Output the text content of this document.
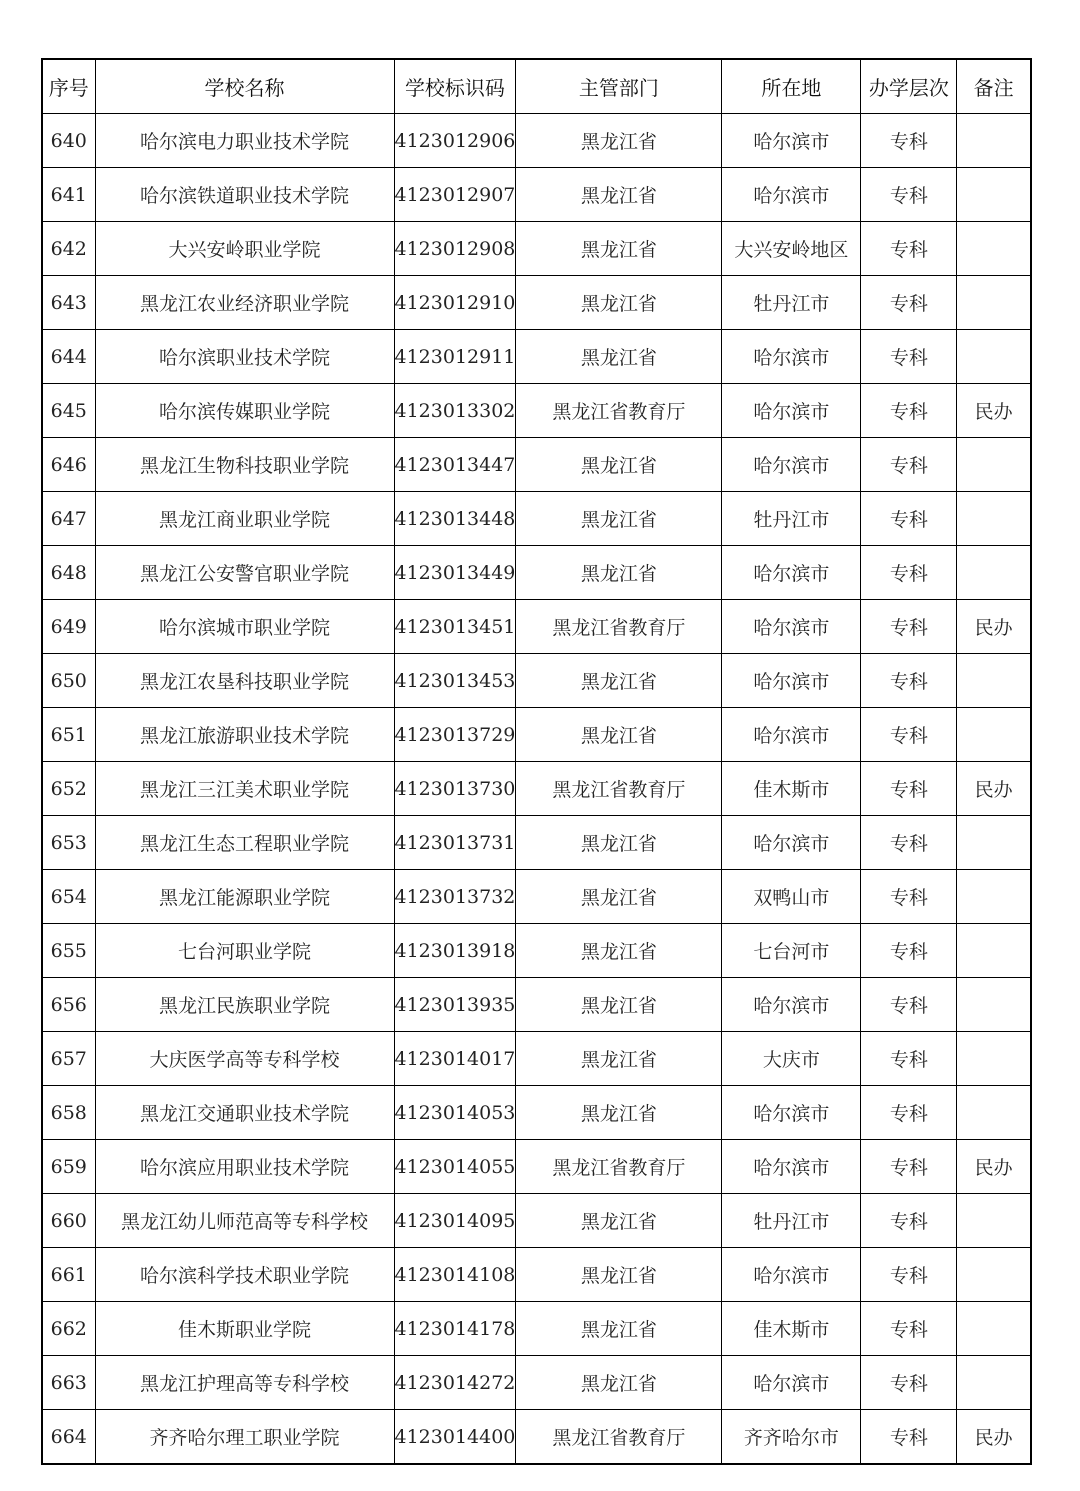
序号	学校名称	学校标识码	主管部门	所在地	办学层次	备注
640	哈尔滨电力职业技术学院	4123012906	黑龙江省	哈尔滨市	专科	
641	哈尔滨铁道职业技术学院	4123012907	黑龙江省	哈尔滨市	专科	
642	大兴安岭职业学院	4123012908	黑龙江省	大兴安岭地区	专科	
643	黑龙江农业经济职业学院	4123012910	黑龙江省	牡丹江市	专科	
644	哈尔滨职业技术学院	4123012911	黑龙江省	哈尔滨市	专科	
645	哈尔滨传媒职业学院	4123013302	黑龙江省教育厅	哈尔滨市	专科	民办
646	黑龙江生物科技职业学院	4123013447	黑龙江省	哈尔滨市	专科	
647	黑龙江商业职业学院	4123013448	黑龙江省	牡丹江市	专科	
648	黑龙江公安警官职业学院	4123013449	黑龙江省	哈尔滨市	专科	
649	哈尔滨城市职业学院	4123013451	黑龙江省教育厅	哈尔滨市	专科	民办
650	黑龙江农垦科技职业学院	4123013453	黑龙江省	哈尔滨市	专科	
651	黑龙江旅游职业技术学院	4123013729	黑龙江省	哈尔滨市	专科	
652	黑龙江三江美术职业学院	4123013730	黑龙江省教育厅	佳木斯市	专科	民办
653	黑龙江生态工程职业学院	4123013731	黑龙江省	哈尔滨市	专科	
654	黑龙江能源职业学院	4123013732	黑龙江省	双鸭山市	专科	
655	七台河职业学院	4123013918	黑龙江省	七台河市	专科	
656	黑龙江民族职业学院	4123013935	黑龙江省	哈尔滨市	专科	
657	大庆医学高等专科学校	4123014017	黑龙江省	大庆市	专科	
658	黑龙江交通职业技术学院	4123014053	黑龙江省	哈尔滨市	专科	
659	哈尔滨应用职业技术学院	4123014055	黑龙江省教育厅	哈尔滨市	专科	民办
660	黑龙江幼儿师范高等专科学校	4123014095	黑龙江省	牡丹江市	专科	
661	哈尔滨科学技术职业学院	4123014108	黑龙江省	哈尔滨市	专科	
662	佳木斯职业学院	4123014178	黑龙江省	佳木斯市	专科	
663	黑龙江护理高等专科学校	4123014272	黑龙江省	哈尔滨市	专科	
664	齐齐哈尔理工职业学院	4123014400	黑龙江省教育厅	齐齐哈尔市	专科	民办
